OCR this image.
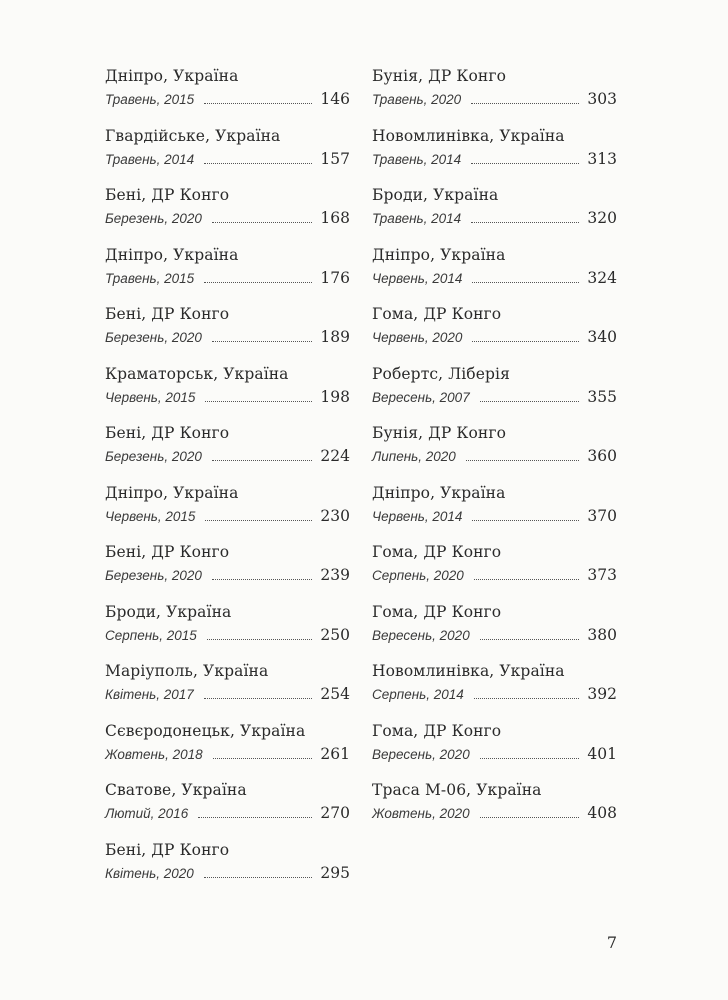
Дніпро, Україна
Травень, 2015	146
Гвардійське, Україна
Травень, 2014	157
Бені, ДР Конго
Березень, 2020	168
Дніпро, Україна
Травень, 2015	176
Бені, ДР Конго
Березень, 2020	189
Краматорськ, Україна
Червень, 2015	198
Бені, ДР Конго
Березень, 2020	224
Дніпро, Україна
Червень, 2015	230
Бені, ДР Конго
Березень, 2020	239
Броди, Україна
Серпень, 2015	250
Маріуполь, Україна
Квітень, 2017	254
Сєвєродонецьк, Україна
Жовтень, 2018	261
Сватове, Україна
Лютий, 2016	270
Бені, ДР Конго
Квітень, 2020	295
Бунія, ДР Конго
Травень, 2020	303
Новомлинівка, Україна
Травень, 2014	313
Броди, Україна
Травень, 2014	320
Дніпро, Україна
Червень, 2014	324
Гома, ДР Конго
Червень, 2020	340
Робертс, Ліберія
Вересень, 2007	355
Бунія, ДР Конго
Липень, 2020	360
Дніпро, Україна
Червень, 2014	370
Гома, ДР Конго
Серпень, 2020	373
Гома, ДР Конго
Вересень, 2020	380
Новомлинівка, Україна
Серпень, 2014	392
Гома, ДР Конго
Вересень, 2020	401
Траса М-06, Україна
Жовтень, 2020	408
7
